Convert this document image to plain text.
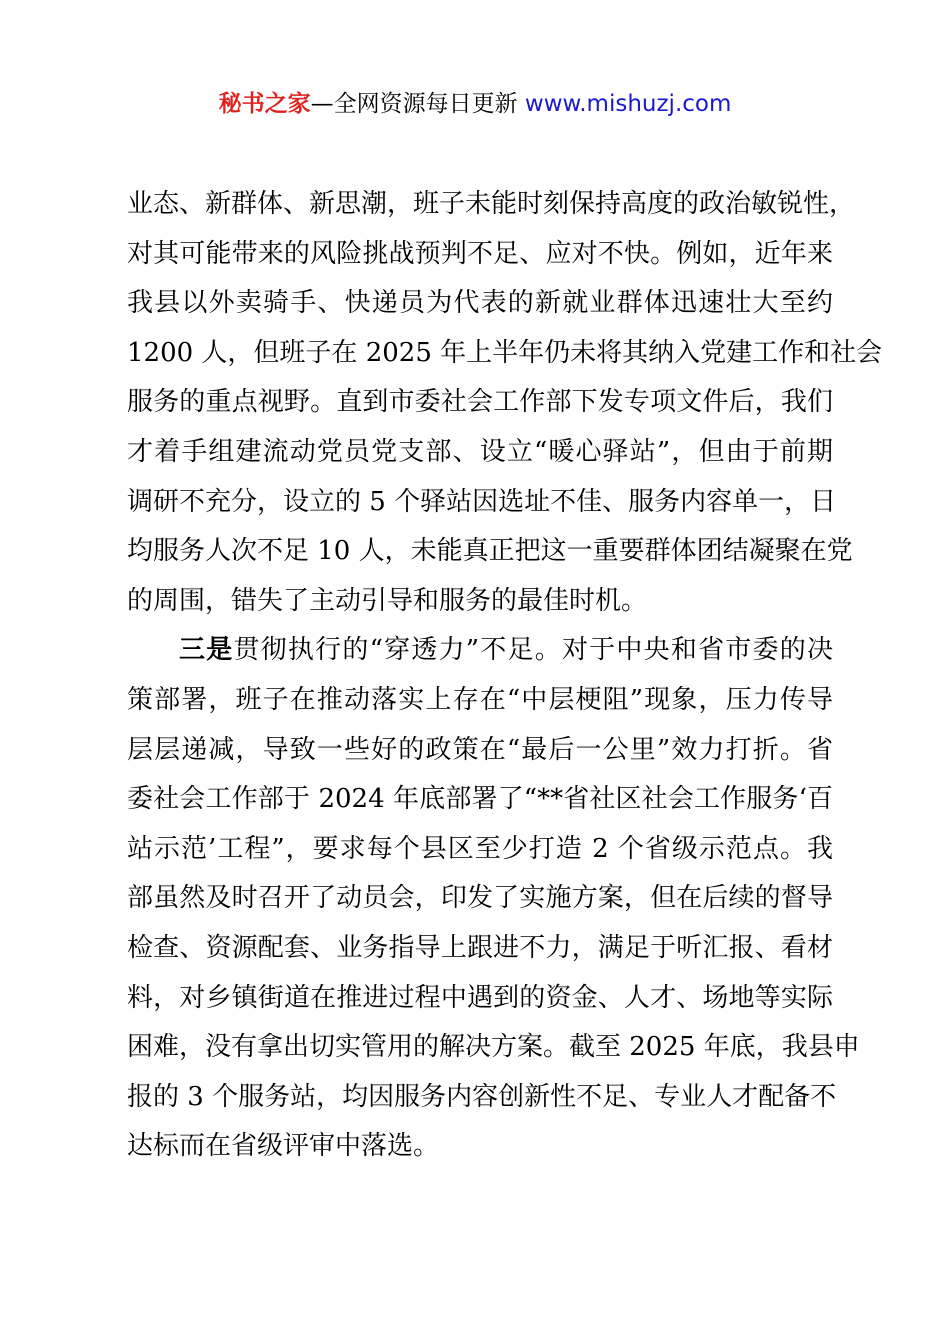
秘书之家—全网资源每日更新 www.mishuzj.com
业态、新群体、新思潮，班子未能时刻保持高度的政治敏锐性，
对其可能带来的风险挑战预判不足、应对不快。例如，近年来
我县以外卖骑手、快递员为代表的新就业群体迅速壮大至约
1200 人，但班子在 2025 年上半年仍未将其纳入党建工作和社会
服务的重点视野。直到市委社会工作部下发专项文件后，我们
才着手组建流动党员党支部、设立“暖心驿站”，但由于前期
调研不充分，设立的 5 个驿站因选址不佳、服务内容单一，日
均服务人次不足 10 人，未能真正把这一重要群体团结凝聚在党
的周围，错失了主动引导和服务的最佳时机。
三是贯彻执行的“穿透力”不足。对于中央和省市委的决
策部署，班子在推动落实上存在“中层梗阻”现象，压力传导
层层递减，导致一些好的政策在“最后一公里”效力打折。省
委社会工作部于 2024 年底部署了“**省社区社会工作服务‘百
站示范’工程”，要求每个县区至少打造 2 个省级示范点。我
部虽然及时召开了动员会，印发了实施方案，但在后续的督导
检查、资源配套、业务指导上跟进不力，满足于听汇报、看材
料，对乡镇街道在推进过程中遇到的资金、人才、场地等实际
困难，没有拿出切实管用的解决方案。截至 2025 年底，我县申
报的 3 个服务站，均因服务内容创新性不足、专业人才配备不
达标而在省级评审中落选。
